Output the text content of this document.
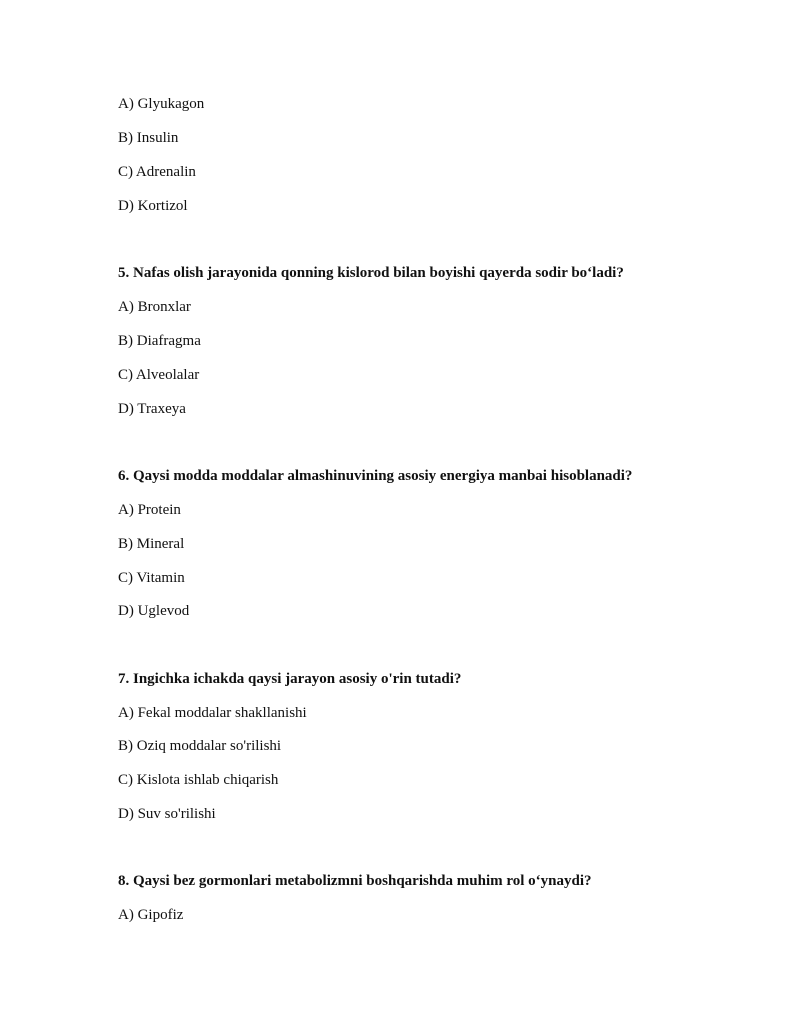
A) Glyukagon
B) Insulin
C) Adrenalin
D) Kortizol
5. Nafas olish jarayonida qonning kislorod bilan boyishi qayerda sodir boʻladi?
A) Bronxlar
B) Diafragma
C) Alveolalar
D) Traxeya
6. Qaysi modda moddalar almashinuvining asosiy energiya manbai hisoblanadi?
A) Protein
B) Mineral
C) Vitamin
D) Uglevod
7. Ingichka ichakda qaysi jarayon asosiy o'rin tutadi?
A) Fekal moddalar shakllanishi
B) Oziq moddalar so'rilishi
C) Kislota ishlab chiqarish
D) Suv so'rilishi
8. Qaysi bez gormonlari metabolizmni boshqarishda muhim rol oʻynaydi?
A) Gipofiz
